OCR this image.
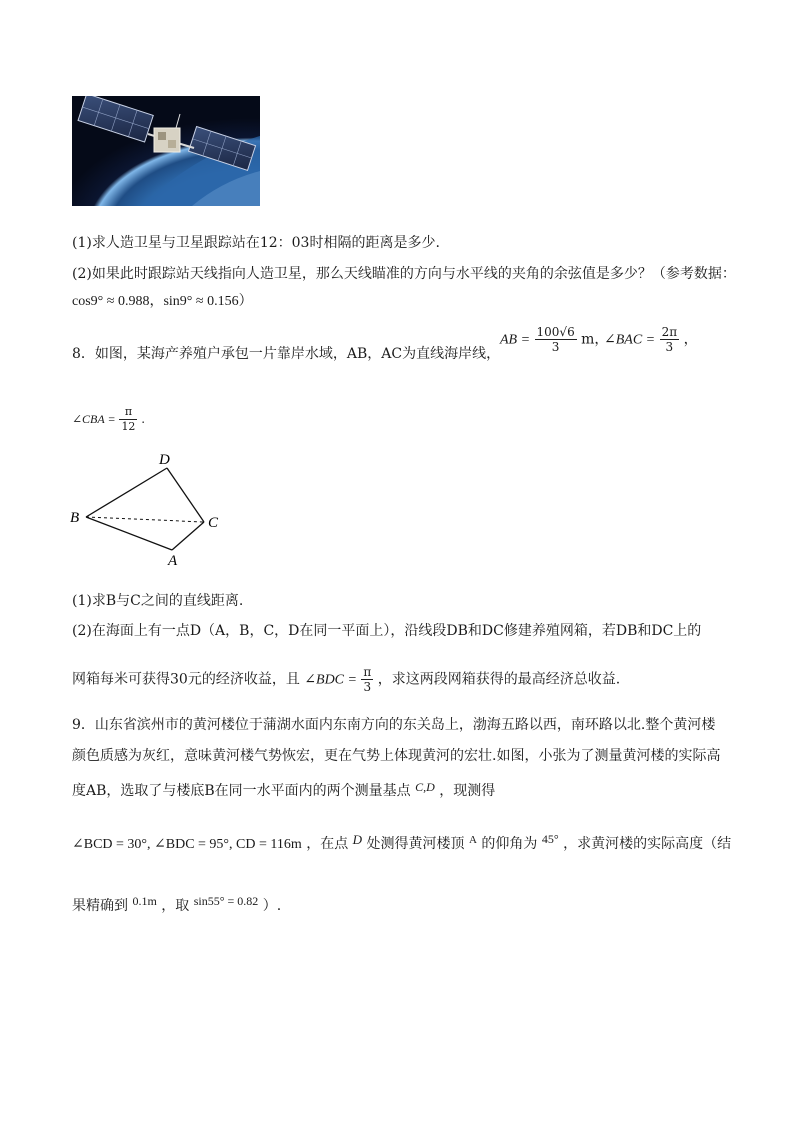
(1)求人造卫星与卫星跟踪站在12：03时相隔的距离是多少.
(2)如果此时跟踪站天线指向人造卫星，那么天线瞄准的方向与水平线的夹角的余弦值是多少？（参考数据：
cos9° ≈ 0.988，sin9° ≈ 0.156）
8．如图，某海产养殖户承包一片靠岸水域，AB，AC为直线海岸线，
AB = $\frac{100√6}{3}$ m，
∠BAC = $\frac{2\pi}{3}$ ，
∠CBA = $\frac{\pi}{12}$ .
D
B	C
A
(1)求B与C之间的直线距离.
(2)在海面上有一点D（A，B，C，D在同一平面上），沿线段DB和DC修建养殖网箱，若DB和DC上的
网箱每米可获得30元的经济收益，且 ∠BDC = $\frac{\pi}{3}$ ，求这两段网箱获得的最高经济总收益.
9．山东省滨州市的黄河楼位于蒲湖水面内东南方向的东关岛上，渤海五路以西，南环路以北.整个黄河楼
颜色质感为灰红，意味黄河楼气势恢宏，更在气势上体现黄河的宏壮.如图，小张为了测量黄河楼的实际高
度AB，选取了与楼底B在同一水平面内的两个测量基点 C,D ，现测得
∠BCD = 30°, ∠BDC = 95°, CD = 116m ，在点 D 处测得黄河楼顶 $^A$ 的仰角为 45° ，求黄河楼的实际高度（结
果精确到 0.1m ，取 sin55° = 0.82 ）.
